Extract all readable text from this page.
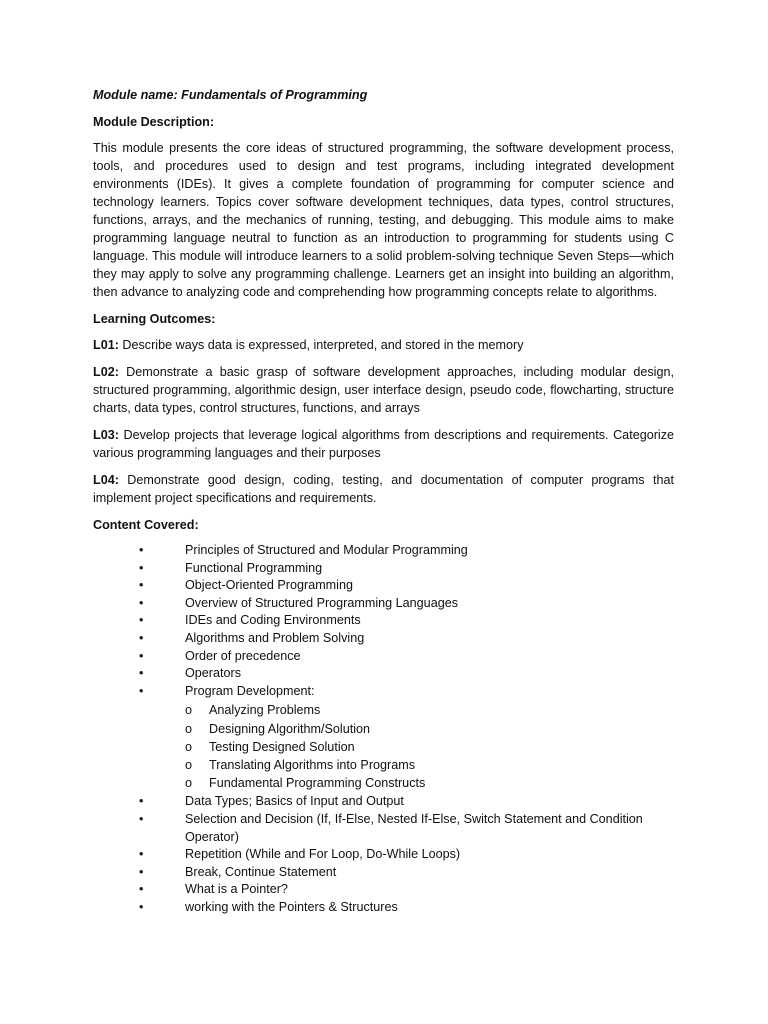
Module name: Fundamentals of Programming

Module Description:

This module presents the core ideas of structured programming, the software development process, tools, and procedures used to design and test programs, including integrated development environments (IDEs). It gives a complete foundation of programming for computer science and technology learners. Topics cover software development techniques, data types, control structures, functions, arrays, and the mechanics of running, testing, and debugging. This module aims to make programming language neutral to function as an introduction to programming for students using C language. This module will introduce learners to a solid problem-solving technique Seven Steps—which they may apply to solve any programming challenge. Learners get an insight into building an algorithm, then advance to analyzing code and comprehending how programming concepts relate to algorithms.

Learning Outcomes:

L01: Describe ways data is expressed, interpreted, and stored in the memory

L02: Demonstrate a basic grasp of software development approaches, including modular design, structured programming, algorithmic design, user interface design, pseudo code, flowcharting, structure charts, data types, control structures, functions, and arrays

L03: Develop projects that leverage logical algorithms from descriptions and requirements. Categorize various programming languages and their purposes

L04: Demonstrate good design, coding, testing, and documentation of computer programs that implement project specifications and requirements.

Content Covered:

•	Principles of Structured and Modular Programming
•	Functional Programming
•	Object-Oriented Programming
•	Overview of Structured Programming Languages
•	IDEs and Coding Environments
•	Algorithms and Problem Solving
•	Order of precedence
•	Operators
•	Program Development:
o Analyzing Problems
o Designing Algorithm/Solution
o Testing Designed Solution
o Translating Algorithms into Programs
o Fundamental Programming Constructs
•	Data Types; Basics of Input and Output
•	Selection and Decision (If, If-Else, Nested If-Else, Switch Statement and Condition Operator)
•	Repetition (While and For Loop, Do-While Loops)
•	Break, Continue Statement
•	What is a Pointer?
•	working with the Pointers & Structures
